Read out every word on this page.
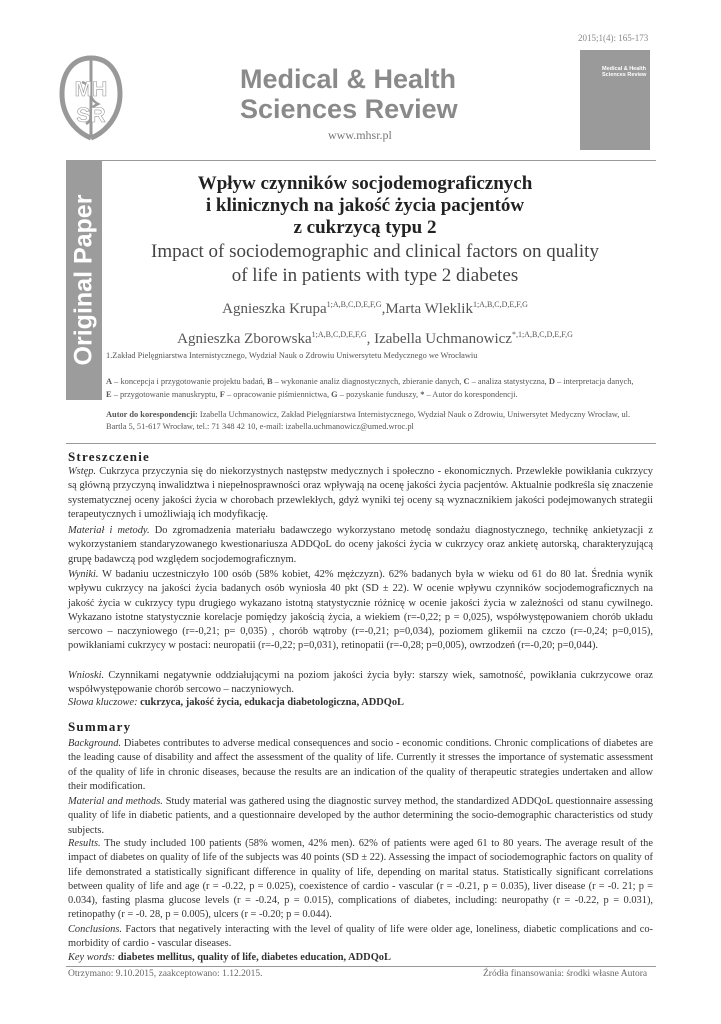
2015;1(4): 165-173
MH
SR
Medical & Health
Sciences Review
www.mhsr.pl
Medical & Health
Sciences Review
Original Paper
Wpływ czynników socjodemograficznych
i klinicznych na jakość życia pacjentów
z cukrzycą typu 2
Impact of sociodemographic and clinical factors on quality
of life in patients with type 2 diabetes
Agnieszka Krupa$^{1;A,B,C,D,E,F,G}$,Marta Wleklik$^{1;A,B,C,D,E,F,G}$
Agnieszka Zborowska$^{1;A,B,C,D,E,F,G}$, Izabella Uchmanowicz$^{*,1;A,B,C,D,E,F,G}$
1.Zakład Pielęgniarstwa Internistycznego, Wydział Nauk o Zdrowiu Uniwersytetu Medycznego we Wrocławiu
A – koncepcja i przygotowanie projektu badań, B – wykonanie analiz diagnostycznych, zbieranie danych, C – analiza statystyczna, D – interpretacja danych, E – przygotowanie manuskryptu, F – opracowanie piśmiennictwa, G – pozyskanie funduszy, * – Autor do korespondencji.
Autor do korespondencji: Izabella Uchmanowicz, Zakład Pielęgniarstwa Internistycznego, Wydział Nauk o Zdrowiu, Uniwersytet Medyczny Wrocław, ul. Bartla 5, 51-617 Wrocław, tel.: 71 348 42 10, e-mail: izabella.uchmanowicz@umed.wroc.pl
Streszczenie
Wstęp. Cukrzyca przyczynia się do niekorzystnych następstw medycznych i społeczno - ekonomicznych. Przewlekłe powikłania cukrzycy są główną przyczyną inwalidztwa i niepełnosprawności oraz wpływają na ocenę jakości życia pacjentów. Aktualnie podkreśla się znaczenie systematycznej oceny jakości życia w chorobach przewlekłych, gdyż wyniki tej oceny są wyznacznikiem jakości podejmowanych strategii terapeutycznych i umożliwiają ich modyfikację.
Materiał i metody. Do zgromadzenia materiału badawczego wykorzystano metodę sondażu diagnostycznego, technikę ankietyzacji z wykorzystaniem standaryzowanego kwestionariusza ADDQoL do oceny jakości życia w cukrzycy oraz ankietę autorską, charakteryzującą grupę badawczą pod względem socjodemograficznym.
Wyniki. W badaniu uczestniczyło 100 osób (58% kobiet, 42% mężczyzn). 62% badanych była w wieku od 61 do 80 lat. Średnia wynik wpływu cukrzycy na jakości życia badanych osób wyniosła 40 pkt (SD ± 22). W ocenie wpływu czynników socjodemograficznych na jakość życia w cukrzycy typu drugiego wykazano istotną statystycznie różnicę w ocenie jakości życia w zależności od stanu cywilnego. Wykazano istotne statystycznie korelacje pomiędzy jakością życia, a wiekiem (r=-0,22; p = 0,025), współwystępowaniem chorób układu sercowo – naczyniowego (r=-0,21; p= 0,035) , chorób wątroby (r=-0,21; p=0,034), poziomem glikemii na czczo (r=-0,24; p=0,015), powikłaniami cukrzycy w postaci: neuropatii (r=-0,22; p=0,031), retinopatii (r=-0,28; p=0,005), owrzodzeń (r=-0,20; p=0,044).
Wnioski. Czynnikami negatywnie oddziałującymi na poziom jakości życia były: starszy wiek, samotność, powikłania cukrzycowe oraz współwystępowanie chorób sercowo – naczyniowych.
Słowa kluczowe: cukrzyca, jakość życia, edukacja diabetologiczna, ADDQoL
Summary
Background. Diabetes contributes to adverse medical consequences and socio - economic conditions. Chronic complications of diabetes are the leading cause of disability and affect the assessment of the quality of life. Currently it stresses the importance of systematic assessment of the quality of life in chronic diseases, because the results are an indication of the quality of therapeutic strategies undertaken and allow their modification.
Material and methods. Study material was gathered using the diagnostic survey method, the standardized ADDQoL questionnaire assessing quality of life in diabetic patients, and a questionnaire developed by the author determining the socio-demographic characteristics od study subjects.
Results. The study included 100 patients (58% women, 42% men). 62% of patients were aged 61 to 80 years. The average result of the impact of diabetes on quality of life of the subjects was 40 points (SD ± 22). Assessing the impact of sociodemographic factors on quality of life demonstrated a statistically significant difference in quality of life, depending on marital status. Statistically significant correlations between quality of life and age (r = -0.22, p = 0.025), coexistence of cardio - vascular (r = -0.21, p = 0.035), liver disease (r = -0. 21; p = 0.034), fasting plasma glucose levels (r = -0.24, p = 0.015), complications of diabetes, including: neuropathy (r = -0.22, p = 0.031), retinopathy (r = -0. 28, p = 0.005), ulcers (r = -0.20; p = 0.044).
Conclusions. Factors that negatively interacting with the level of quality of life were older age, loneliness, diabetic complications and co-morbidity of cardio - vascular diseases.
Key words: diabetes mellitus, quality of life, diabetes education, ADDQoL
Otrzymano: 9.10.2015, zaakceptowano: 1.12.2015.	Źródła finansowania: środki własne Autora
